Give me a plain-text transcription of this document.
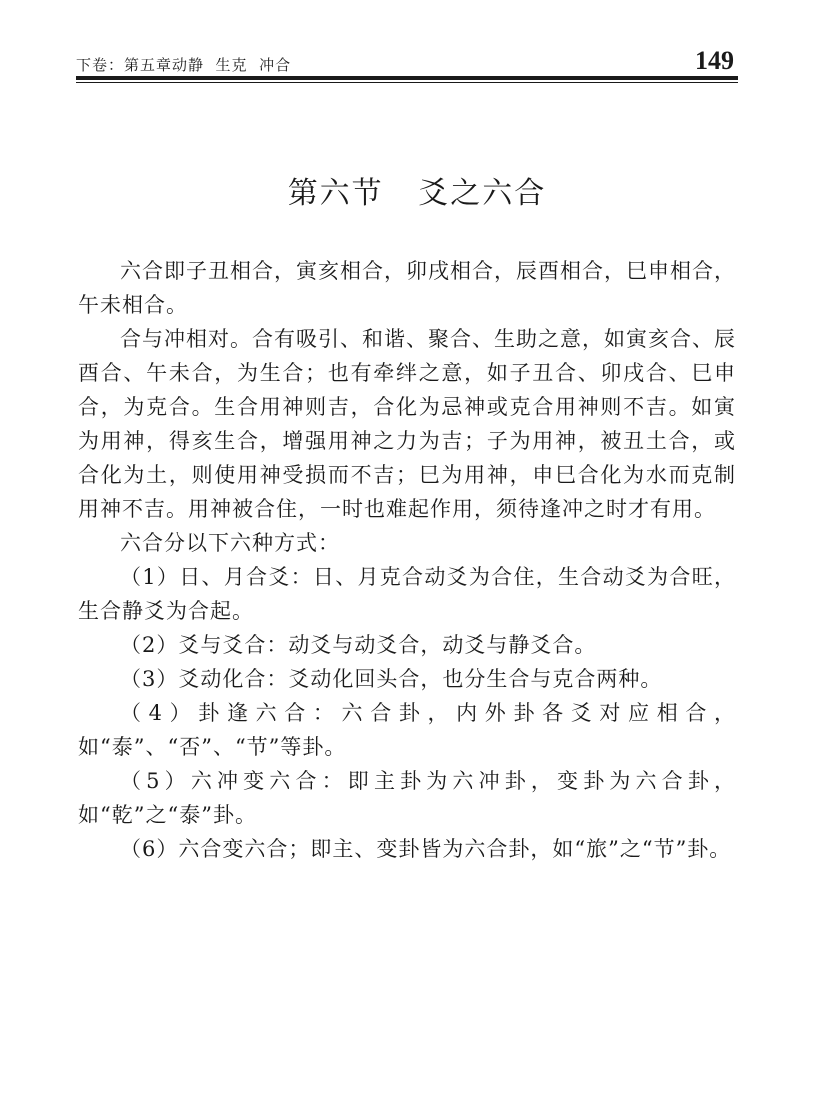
下卷：第五章动静  生克  冲合	149
第六节   爻之六合

六合即子丑相合，寅亥相合，卯戌相合，辰酉相合，巳申相合，午未相合。

合与冲相对。合有吸引、和谐、聚合、生助之意，如寅亥合、辰酉合、午未合，为生合；也有牵绊之意，如子丑合、卯戌合、巳申合，为克合。生合用神则吉，合化为忌神或克合用神则不吉。如寅为用神，得亥生合，增强用神之力为吉；子为用神，被丑土合，或合化为土，则使用神受损而不吉；巳为用神，申巳合化为水而克制用神不吉。用神被合住，一时也难起作用，须待逢冲之时才有用。

六合分以下六种方式：

（1）日、月合爻：日、月克合动爻为合住，生合动爻为合旺，生合静爻为合起。

（2）爻与爻合：动爻与动爻合，动爻与静爻合。

（3）爻动化合：爻动化回头合，也分生合与克合两种。

（4）卦逢六合：六合卦，内外卦各爻对应相合，如“泰”、“否”、“节”等卦。

（5）六冲变六合：即主卦为六冲卦，变卦为六合卦，如“乾”之“泰”卦。

（6）六合变六合；即主、变卦皆为六合卦，如“旅”之“节”卦。
